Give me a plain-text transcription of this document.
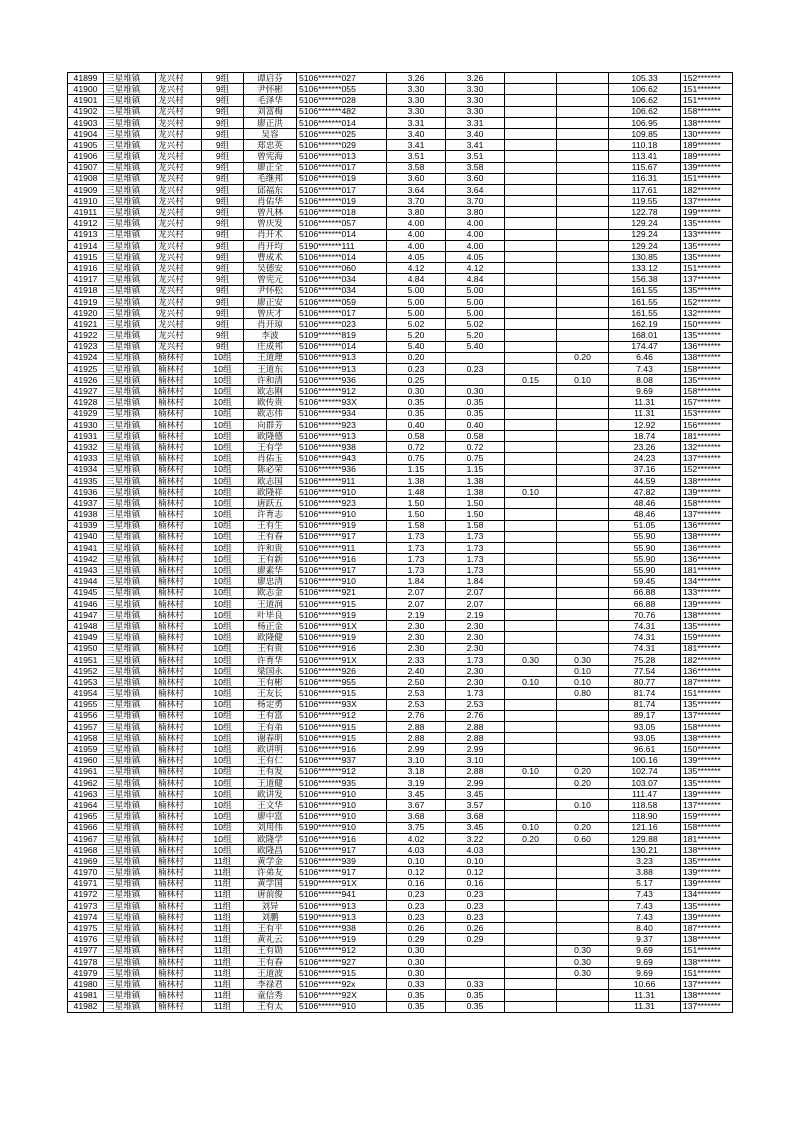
41899	三星堆镇	龙兴村	9组	谭启芬	5106*******027	3.26	3.26			105.33	152*******
41900	三星堆镇	龙兴村	9组	尹怀彬	5106*******055	3.30	3.30			106.62	151*******
41901	三星堆镇	龙兴村	9组	毛泽华	5106*******028	3.30	3.30			106.62	151*******
41902	三星堆镇	龙兴村	9组	刘富梅	5106*******482	3.30	3.30			106.62	158*******
41903	三星堆镇	龙兴村	9组	廖正洪	5106*******014	3.31	3.31			106.95	138*******
41904	三星堆镇	龙兴村	9组	吴容	5106*******025	3.40	3.40			109.85	130*******
41905	三星堆镇	龙兴村	9组	郑忠英	5106*******029	3.41	3.41			110.18	189*******
41906	三星堆镇	龙兴村	9组	曾宪海	5106*******013	3.51	3.51			113.41	189*******
41907	三星堆镇	龙兴村	9组	廖正全	5106*******017	3.58	3.58			115.67	139*******
41908	三星堆镇	龙兴村	9组	毛继邦	5106*******019	3.60	3.60			116.31	151*******
41909	三星堆镇	龙兴村	9组	邱福东	5106*******017	3.64	3.64			117.61	182*******
41910	三星堆镇	龙兴村	9组	肖佑华	5106*******019	3.70	3.70			119.55	137*******
41911	三星堆镇	龙兴村	9组	曾凡林	5106*******018	3.80	3.80			122.78	199*******
41912	三星堆镇	龙兴村	9组	曾庆发	5106*******057	4.00	4.00			129.24	135*******
41913	三星堆镇	龙兴村	9组	肖开术	5106*******014	4.00	4.00			129.24	133*******
41914	三星堆镇	龙兴村	9组	肖开均	5190*******111	4.00	4.00			129.24	135*******
41915	三星堆镇	龙兴村	9组	曹成术	5106*******014	4.05	4.05			130.85	135*******
41916	三星堆镇	龙兴村	9组	吴德安	5106*******060	4.12	4.12			133.12	151*******
41917	三星堆镇	龙兴村	9组	曾宪元	5106*******034	4.84	4.84			156.38	137*******
41918	三星堆镇	龙兴村	9组	尹怀松	5106*******034	5.00	5.00			161.55	135*******
41919	三星堆镇	龙兴村	9组	廖正安	5106*******059	5.00	5.00			161.55	152*******
41920	三星堆镇	龙兴村	9组	曾庆才	5106*******017	5.00	5.00			161.55	132*******
41921	三星堆镇	龙兴村	9组	肖开琼	5106*******023	5.02	5.02			162.19	150*******
41922	三星堆镇	龙兴村	9组	李波	5109*******819	5.20	5.20			168.01	135*******
41923	三星堆镇	龙兴村	9组	庄成邦	5106*******014	5.40	5.40			174.47	136*******
41924	三星堆镇	楠林村	10组	王道理	5106*******913	0.20			0.20	6.46	138*******
41925	三星堆镇	楠林村	10组	王道东	5106*******913	0.23	0.23			7.43	158*******
41926	三星堆镇	楠林村	10组	许和清	5106*******936	0.25		0.15	0.10	8.08	135*******
41927	三星堆镇	楠林村	10组	欧志刚	5106*******912	0.30	0.30			9.69	158*******
41928	三星堆镇	楠林村	10组	欧传贵	5106*******93X	0.35	0.35			11.31	157*******
41929	三星堆镇	楠林村	10组	欧志伟	5106*******934	0.35	0.35			11.31	153*******
41930	三星堆镇	楠林村	10组	向群芳	5106*******923	0.40	0.40			12.92	156*******
41931	三星堆镇	楠林村	10组	欧隆德	5106*******913	0.58	0.58			18.74	181*******
41932	三星堆镇	楠林村	10组	王有学	5106*******938	0.72	0.72			23.26	132*******
41933	三星堆镇	楠林村	10组	肖佑玉	5106*******943	0.75	0.75			24.23	137*******
41934	三星堆镇	楠林村	10组	陈必荣	5106*******936	1.15	1.15			37.16	152*******
41935	三星堆镇	楠林村	10组	欧志国	5106*******911	1.38	1.38			44.59	138*******
41936	三星堆镇	楠林村	10组	欧隆祥	5106*******910	1.48	1.38	0.10		47.82	139*******
41937	三星堆镇	楠林村	10组	唐跃五	5106*******923	1.50	1.50			48.46	158*******
41938	三星堆镇	楠林村	10组	许育志	5106*******910	1.50	1.50			48.46	137*******
41939	三星堆镇	楠林村	10组	王有生	5106*******919	1.58	1.58			51.05	136*******
41940	三星堆镇	楠林村	10组	王有春	5106*******917	1.73	1.73			55.90	138*******
41941	三星堆镇	楠林村	10组	许和贵	5106*******911	1.73	1.73			55.90	136*******
41942	三星堆镇	楠林村	10组	王有新	5106*******916	1.73	1.73			55.90	136*******
41943	三星堆镇	楠林村	10组	廖素华	5106*******917	1.73	1.73			55.90	181*******
41944	三星堆镇	楠林村	10组	廖忠清	5106*******910	1.84	1.84			59.45	134*******
41945	三星堆镇	楠林村	10组	欧志金	5106*******921	2.07	2.07			66.88	133*******
41946	三星堆镇	楠林村	10组	王道润	5106*******915	2.07	2.07			66.88	139*******
41947	三星堆镇	楠林村	10组	叶毕良	5106*******919	2.19	2.19			70.76	138*******
41948	三星堆镇	楠林村	10组	杨正金	5106*******91X	2.30	2.30			74.31	135*******
41949	三星堆镇	楠林村	10组	欧隆健	5106*******919	2.30	2.30			74.31	159*******
41950	三星堆镇	楠林村	10组	王有贵	5106*******916	2.30	2.30			74.31	181*******
41951	三星堆镇	楠林村	10组	许育华	5106*******91X	2.33	1.73	0.30	0.30	75.28	182*******
41952	三星堆镇	楠林村	10组	梁国永	5106*******926	2.40	2.30		0.10	77.54	136*******
41953	三星堆镇	楠林村	10组	王有彬	5106*******955	2.50	2.30	0.10	0.10	80.77	187*******
41954	三星堆镇	楠林村	10组	王友长	5106*******915	2.53	1.73		0.80	81.74	151*******
41955	三星堆镇	楠林村	10组	杨定勇	5106*******93X	2.53	2.53			81.74	135*******
41956	三星堆镇	楠林村	10组	王有富	5106*******912	2.76	2.76			89.17	137*******
41957	三星堆镇	楠林村	10组	王有弟	5106*******915	2.88	2.88			93.05	158*******
41958	三星堆镇	楠林村	10组	谢春明	5106*******915	2.88	2.88			93.05	138*******
41959	三星堆镇	楠林村	10组	欧讲明	5106*******916	2.99	2.99			96.61	150*******
41960	三星堆镇	楠林村	10组	王有仁	5106*******937	3.10	3.10			100.16	139*******
41961	三星堆镇	楠林村	10组	王有发	5106*******912	3.18	2.88	0.10	0.20	102.74	135*******
41962	三星堆镇	楠林村	10组	王道健	5106*******935	3.19	2.99		0.20	103.07	135*******
41963	三星堆镇	楠林村	10组	欧讲发	5106*******910	3.45	3.45			111.47	139*******
41964	三星堆镇	楠林村	10组	王文华	5106*******910	3.67	3.57		0.10	118.58	137*******
41965	三星堆镇	楠林村	10组	廖中富	5106*******910	3.68	3.68			118.90	159*******
41966	三星堆镇	楠林村	10组	刘用伟	5190*******910	3.75	3.45	0.10	0.20	121.16	158*******
41967	三星堆镇	楠林村	10组	欧隆学	5106*******916	4.02	3.22	0.20	0.60	129.88	181*******
41968	三星堆镇	楠林村	10组	欧隆昌	5106*******917	4.03	4.03			130.21	138*******
41969	三星堆镇	楠林村	11组	黄学金	5106*******939	0.10	0.10			3.23	135*******
41970	三星堆镇	楠林村	11组	许弟友	5106*******917	0.12	0.12			3.88	139*******
41971	三星堆镇	楠林村	11组	黄学国	5190*******91X	0.16	0.16			5.17	139*******
41972	三星堆镇	楠林村	11组	唐前俊	5106*******941	0.23	0.23			7.43	134*******
41973	三星堆镇	楠林村	11组	刘异	5106*******913	0.23	0.23			7.43	135*******
41974	三星堆镇	楠林村	11组	刘鹏	5190*******913	0.23	0.23			7.43	139*******
41975	三星堆镇	楠林村	11组	王有平	5106*******938	0.26	0.26			8.40	187*******
41976	三星堆镇	楠林村	11组	黄礼云	5106*******919	0.29	0.29			9.37	138*******
41977	三星堆镇	楠林村	11组	王有勋	5106*******912	0.30			0.30	9.69	151*******
41978	三星堆镇	楠林村	11组	王有春	5106*******927	0.30			0.30	9.69	138*******
41979	三星堆镇	楠林村	11组	王道波	5106*******915	0.30			0.30	9.69	151*******
41980	三星堆镇	楠林村	11组	李禄君	5106*******92x	0.33	0.33			10.66	137*******
41981	三星堆镇	楠林村	11组	童信秀	5106*******92X	0.35	0.35			11.31	138*******
41982	三星堆镇	楠林村	11组	王有太	5106*******910	0.35	0.35			11.31	137*******
